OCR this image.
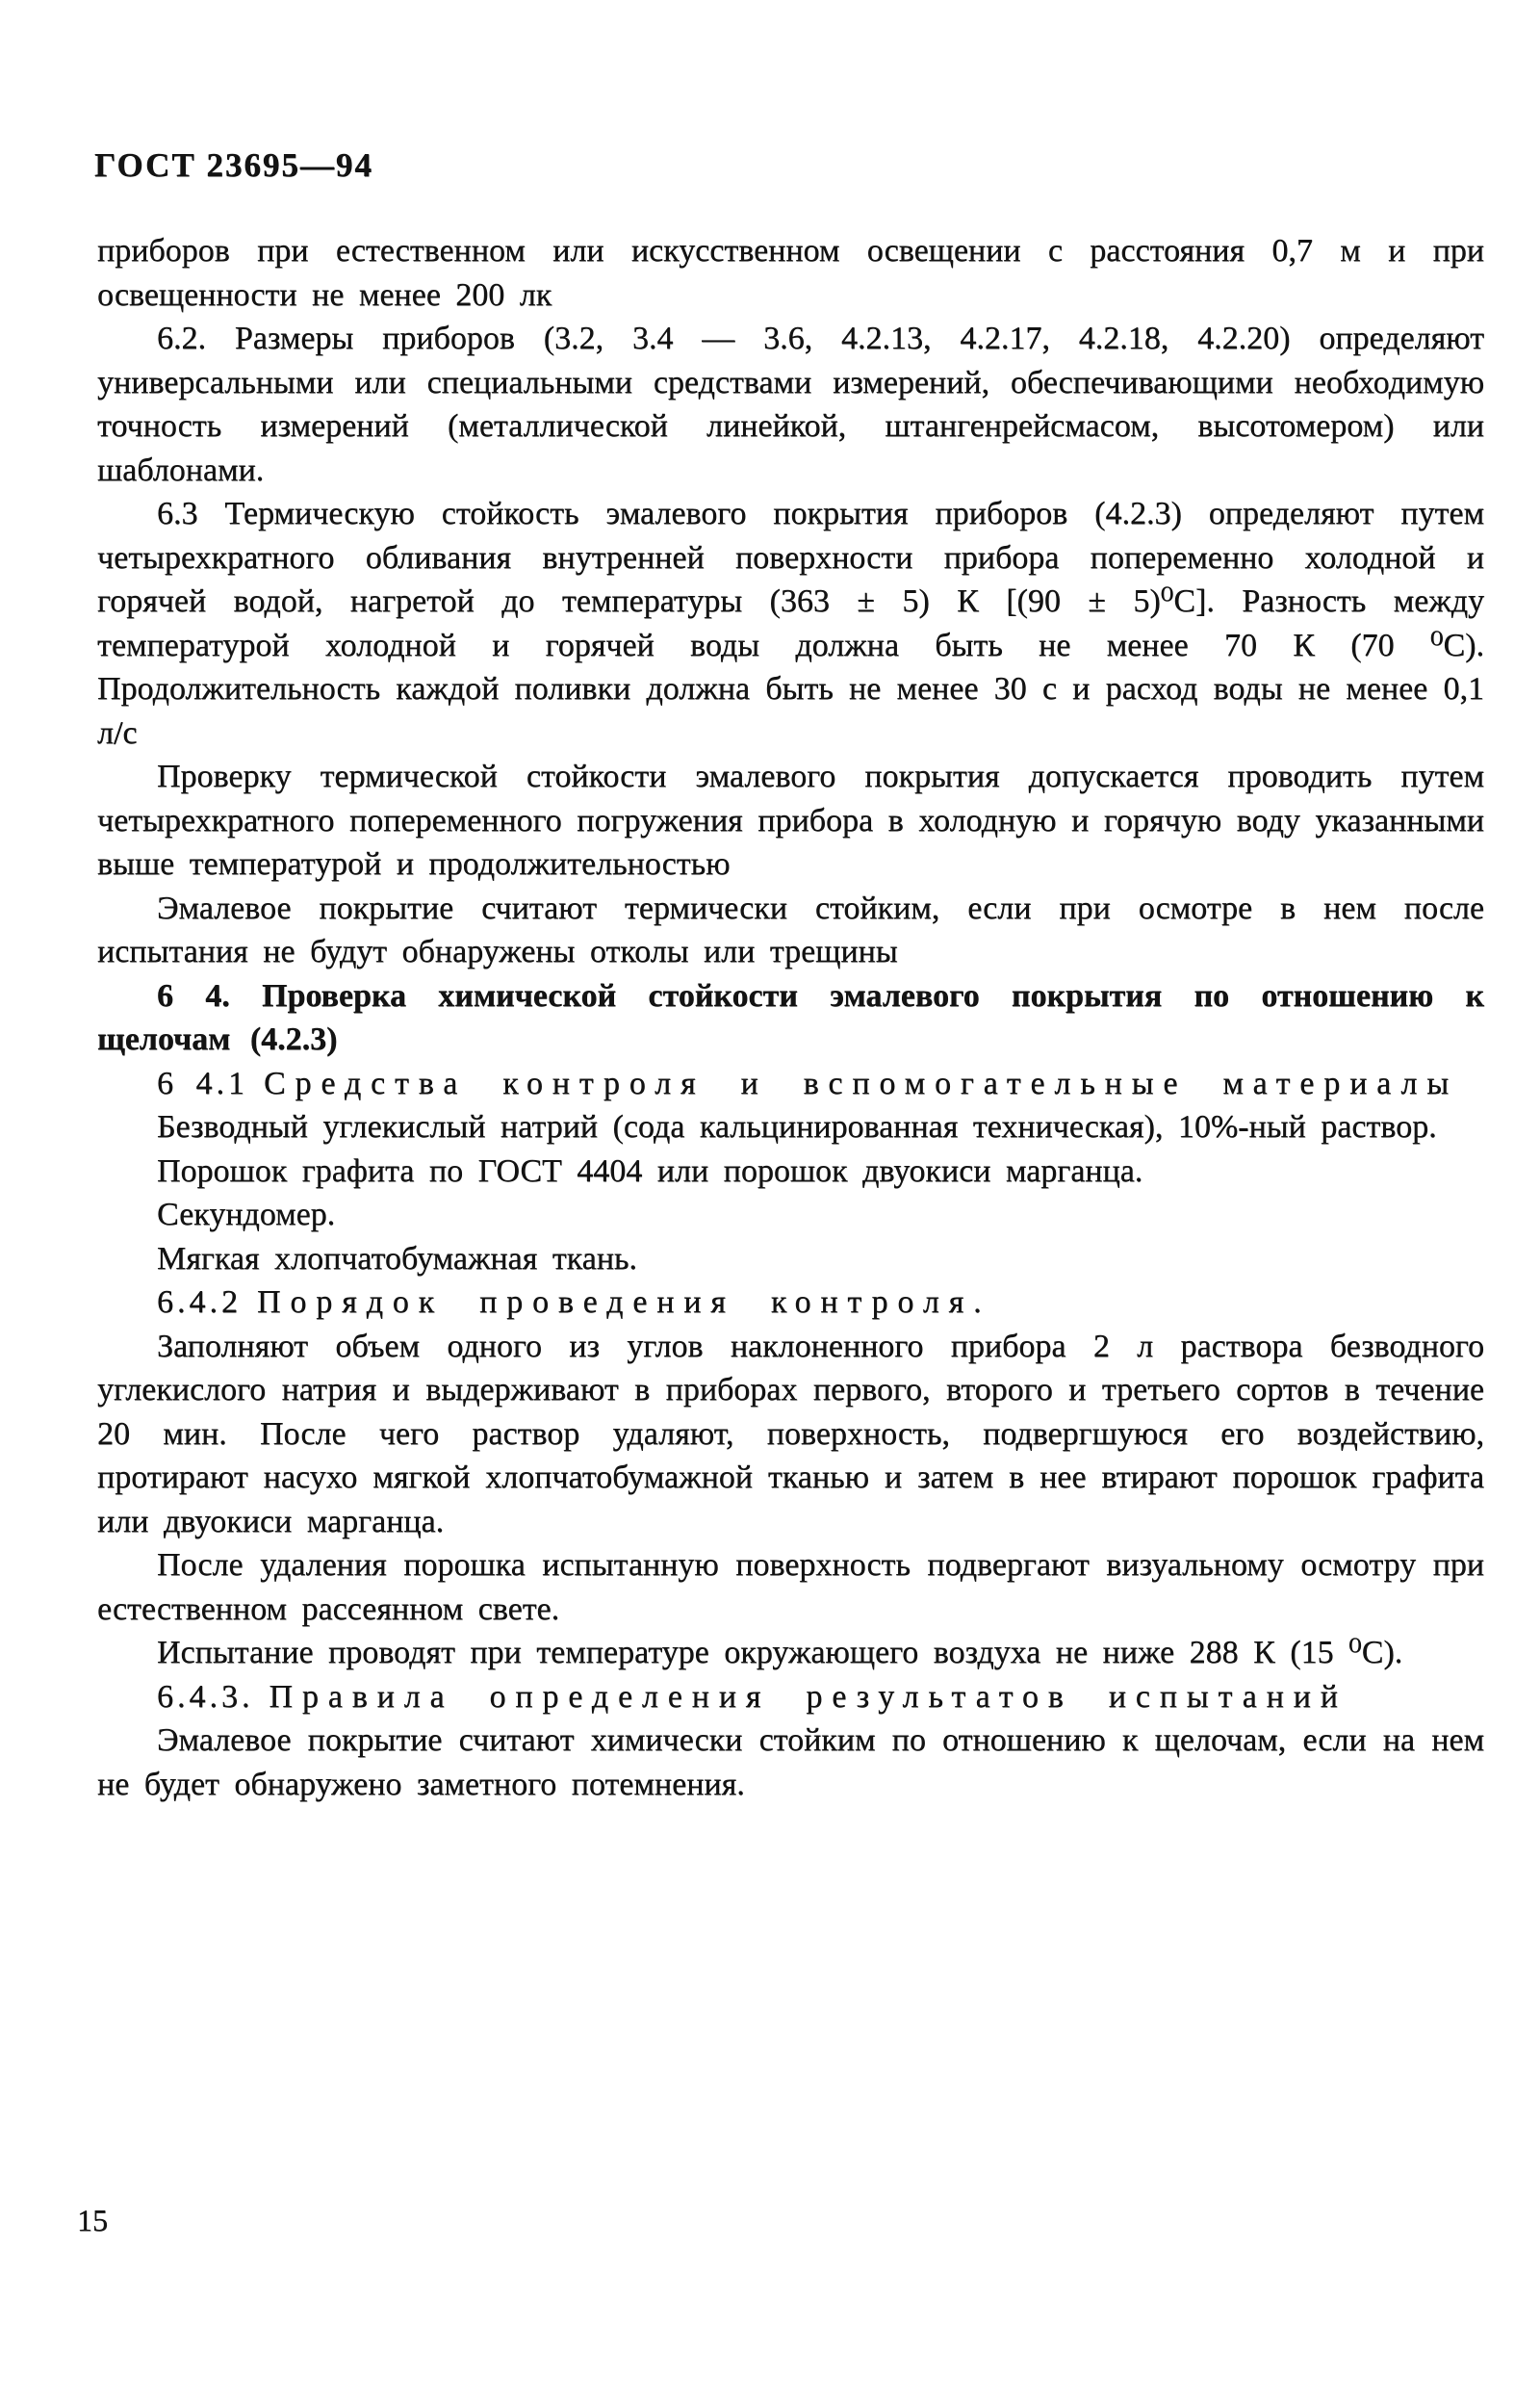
ГОСТ 23695—94

приборов при естественном или искусственном освещении с расстояния 0,7 м и при освещенности не менее 200 лк

6.2. Размеры приборов (3.2, 3.4 — 3.6, 4.2.13, 4.2.17, 4.2.18, 4.2.20) определяют универсальными или специальными средствами измерений, обеспечивающими необходимую точность измерений (металлической линейкой, штангенрейсмасом, высотомером) или шаблонами.

6.3 Термическую стойкость эмалевого покрытия приборов (4.2.3) определяют путем четырехкратного обливания внутренней поверхности прибора попеременно холодной и горячей водой, нагретой до температуры (363 ± 5) К [(90 ± 5)⁰С]. Разность между температурой холодной и горячей воды должна быть не менее 70 К (70 ⁰С). Продолжительность каждой поливки должна быть не менее 30 с и расход воды не менее 0,1 л/с

Проверку термической стойкости эмалевого покрытия допускается проводить путем четырехкратного попеременного погружения прибора в холодную и горячую воду указанными выше температурой и продолжительностью

Эмалевое покрытие считают термически стойким, если при осмотре в нем после испытания не будут обнаружены отколы или трещины

6 4. Проверка химической стойкости эмалевого покрытия по отношению к щелочам (4.2.3)

6 4.1 Средства контроля и вспомогательные материалы

Безводный углекислый натрий (сода кальцинированная техническая), 10%-ный раствор.

Порошок графита по ГОСТ 4404 или порошок двуокиси марганца.

Секундомер.

Мягкая хлопчатобумажная ткань.

6.4.2 Порядок проведения контроля.

Заполняют объем одного из углов наклоненного прибора 2 л раствора безводного углекислого натрия и выдерживают в приборах первого, второго и третьего сортов в течение 20 мин. После чего раствор удаляют, поверхность, подвергшуюся его воздействию, протирают насухо мягкой хлопчатобумажной тканью и затем в нее втирают порошок графита или двуокиси марганца.

После удаления порошка испытанную поверхность подвергают визуальному осмотру при естественном рассеянном свете.

Испытание проводят при температуре окружающего воздуха не ниже 288 К (15 ⁰С).

6.4.3. Правила определения результатов испытаний

Эмалевое покрытие считают химически стойким по отношению к щелочам, если на нем не будет обнаружено заметного потемнения.

15
